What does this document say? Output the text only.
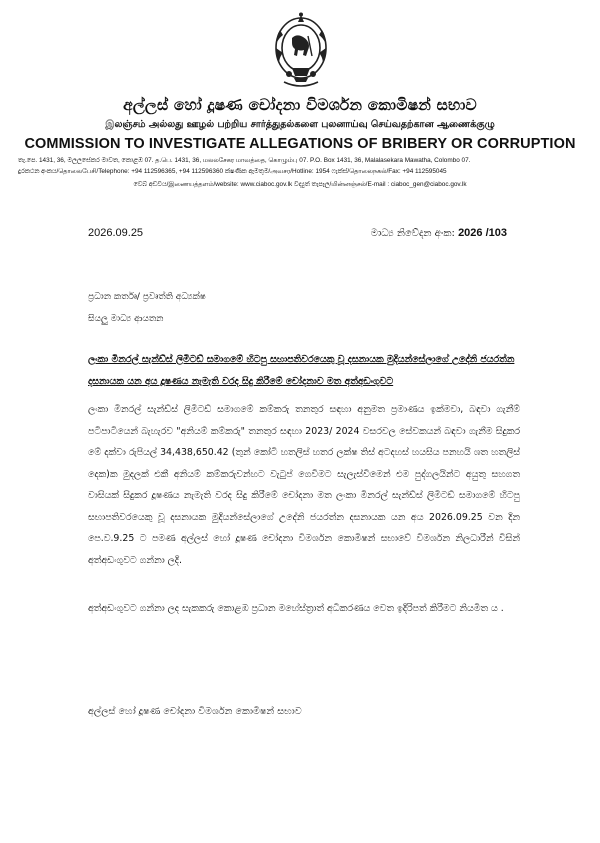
අල්ලස් හෝ දූෂණ චෝදනා විමර්ශන කොමිෂන් සභාව
இலஞ்சம் அல்லது ஊழல் பற்றிய சார்த்துதல்களை புலனாய்வு செய்வதற்கான ஆணைக்குழு
COMMISSION TO INVESTIGATE ALLEGATIONS OF BRIBERY OR CORRUPTION
තැ.පෙ. 1431, 36, මලලසේකර මාවත, කොළඹ 07. த.பெ. 1431, 36, மலலசேகர மாவத்தை, கொழும்பு 07. P.O. Box 1431, 36, Malalasekara Mawatha, Colombo 07.
දුරකථන අංකය/தொலைபேசி/Telephone: +94 112596365, +94 112596360 ක්ෂණික ඇමතුම/அவசர/Hotline: 1954 ෆැක්ස්/தொலைநகல்/Fax: +94 112595045
වෙබ් අඩවිය/இணையத்தளம்/website: www.ciaboc.gov.lk විද්‍යුත් තැපෑල/மின்னஞ்சல்/E-mail : ciaboc_gen@ciaboc.gov.lk
2026.09.25	මාධ්‍ය නිවේදන අංක: 2026 /103
ප්‍රධාන කර්තෘ/ ප්‍රවෘත්ති අධ්‍යක්ෂ
සියලු මාධ්‍ය ආයතන
ලංකා මිනරල් සැන්ඩ්ස් ලිමිටඩ් සමාගමේ හිටපු සභාපතිවරයෙකු වූ දසනායක මුදියන්සේලාගේ උදේනි ජයරත්න දසනායක යන අය දූෂණය නැමැති වරද සිදු කිරීමේ චෝදනාව මත අත්අඩංගුවට
ලංකා මිනරල් සැන්ඩ්ස් ලිමිටඩ් සමාගමේ කම්කරු තනතුර සඳහා අනුමත ප්‍රමාණය ඉක්මවා, බඳවා ගැනීම් පටිපාටියෙන් බැහැරව "අනියම් කම්කරු" තනතුර සඳහා 2023/ 2024 වසරවල සේවකයන් බඳවා ගැනීම සිදුකර මේ දක්වා රුපියල් 34,438,650.42 (තුන් කෝටි හතලිස් හතර ලක්ෂ තිස් අටදහස් හයසිය පනහයි ශත හතලිස් දෙක)ක මුදලක් එකී අනියම් කම්කරුවන්හට වැටුප් ගෙවීමට සැලැස්වීමෙන් එම පුද්ගලයින්ට අයුතු සහගත වාසියක් සිදුකර දූෂණය නැමැති වරද සිදු කිරීමේ චෝදනා මත ලංකා මිනරල් සැන්ඩ්ස් ලිමිටඩ් සමාගමේ හිටපු සභාපතිවරයෙකු වූ දසනායක මුදියන්සේලාගේ උදේනි ජයරත්න දසනායක යන අය 2026.09.25 වන දින පෙ.ව.9.25 ට පමණ අල්ලස් හෝ දූෂණ චෝදනා විමර්ශන කොමිෂන් සභාවේ විමර්ශන නිලධාරීන් විසින් අත්අඩංගුවට ගන්නා ලදි.
අත්අඩංගුවට ගන්නා ලද සැකකරු කොළඹ ප්‍රධාන මහේස්ත්‍රාත් අධිකරණය වෙත ඉදිරිපත් කිරීමට නියමිත ය .
අල්ලස් හෝ දූෂණ චෝදනා විමර්ශන කොමිෂන් සභාව
